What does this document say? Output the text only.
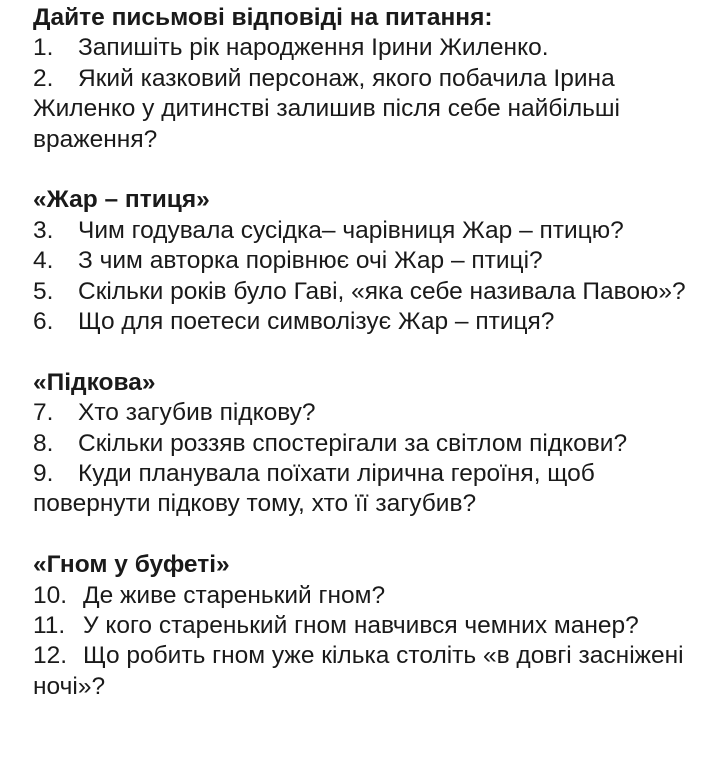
Дайте письмові відповіді на питання:

1. Запишіть рік народження Ірини Жиленко.

2. Який казковий персонаж, якого побачила Ірина Жиленко у дитинстві залишив після себе найбільші враження?

«Жар – птиця»

3. Чим годувала сусідка– чарівниця Жар – птицю?

4. З чим авторка порівнює очі Жар – птиці?

5. Скільки років було Гаві, «яка себе називала Павою»?

6. Що для поетеси символізує Жар – птиця?

«Підкова»

7. Хто загубив підкову?

8. Скільки роззяв спостерігали за світлом підкови?

9. Куди планувала поїхати лірична героїня, щоб повернути підкову тому, хто її загубив?

«Гном у буфеті»

10. Де живе старенький гном?

11. У кого старенький гном навчився чемних манер?

12. Що робить гном уже кілька століть «в довгі засніжені ночі»?
